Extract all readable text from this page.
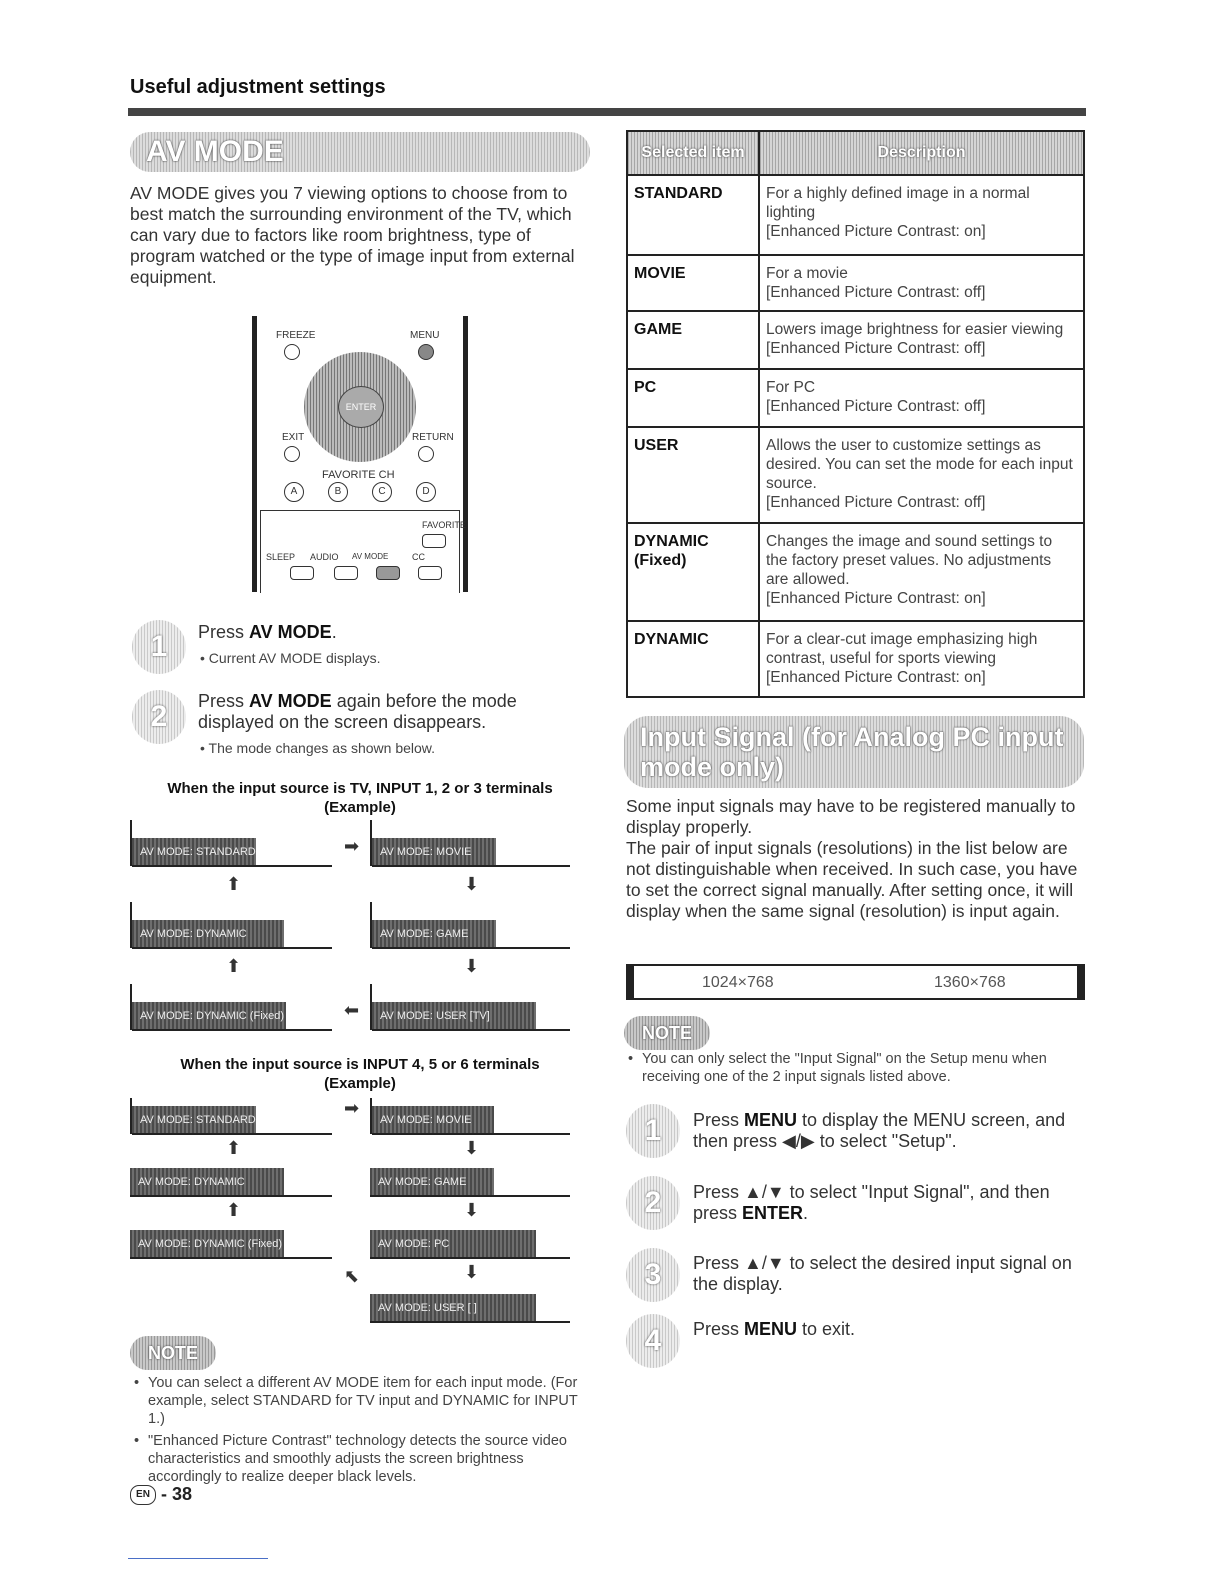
Useful adjustment settings
AV MODE
AV MODE gives you 7 viewing options to choose from to best match the surrounding environment of the TV, which can vary due to factors like room brightness, type of program watched or the type of image input from external equipment.
FREEZE	MENU
ENTER
EXIT	RETURN
FAVORITE CH
A	B	C	D
FAVORITE
SLEEP AUDIO AV MODE	CC
1	Press AV MODE.
• Current AV MODE displays.
2	Press AV MODE again before the mode displayed on the screen disappears.
• The mode changes as shown below.
When the input source is TV, INPUT 1, 2 or 3 terminals
(Example)
AV MODE: STANDARD	➡	AV MODE: MOVIE
⬆	⬇
AV MODE: DYNAMIC	AV MODE: GAME
⬆	⬇
AV MODE: DYNAMIC (Fixed)	⬅	AV MODE: USER [TV]
When the input source is INPUT 4, 5 or 6 terminals
(Example)
AV MODE: STANDARD
➡
AV MODE: MOVIE
⬆	⬇
AV MODE: DYNAMIC	AV MODE: GAME
⬆	⬇
AV MODE: DYNAMIC (Fixed)	AV MODE: PC
⬉	⬇
AV MODE: USER [ ]
NOTE
• You can select a different AV MODE item for each input mode. (For example, select STANDARD for TV input and DYNAMIC for INPUT 1.)
• "Enhanced Picture Contrast" technology detects the source video characteristics and smoothly adjusts the screen brightness accordingly to realize deeper black levels.
Selected item	Description
STANDARD	For a highly defined image in a normal lighting
[Enhanced Picture Contrast: on]

MOVIE	For a movie
[Enhanced Picture Contrast: off]

GAME	Lowers image brightness for easier viewing
[Enhanced Picture Contrast: off]

PC	For PC
[Enhanced Picture Contrast: off]

USER	Allows the user to customize settings as desired. You can set the mode for each input source.
[Enhanced Picture Contrast: off]

DYNAMIC (Fixed)	Changes the image and sound settings to the factory preset values. No adjustments are allowed.
[Enhanced Picture Contrast: on]

DYNAMIC	For a clear-cut image emphasizing high contrast, useful for sports viewing
[Enhanced Picture Contrast: on]
Input Signal (for Analog PC input mode only)
Some input signals may have to be registered manually to display properly.
The pair of input signals (resolutions) in the list below are not distinguishable when received. In such case, you have to set the correct signal manually. After setting once, it will display when the same signal (resolution) is input again.
1024×768	1360×768
NOTE
• You can only select the "Input Signal" on the Setup menu when receiving one of the 2 input signals listed above.
1	Press MENU to display the MENU screen, and then press ◀/▶ to select "Setup".
2	Press ▲/▼ to select "Input Signal", and then press ENTER.
3	Press ▲/▼ to select the desired input signal on the display.
4	Press MENU to exit.
EN - 38
